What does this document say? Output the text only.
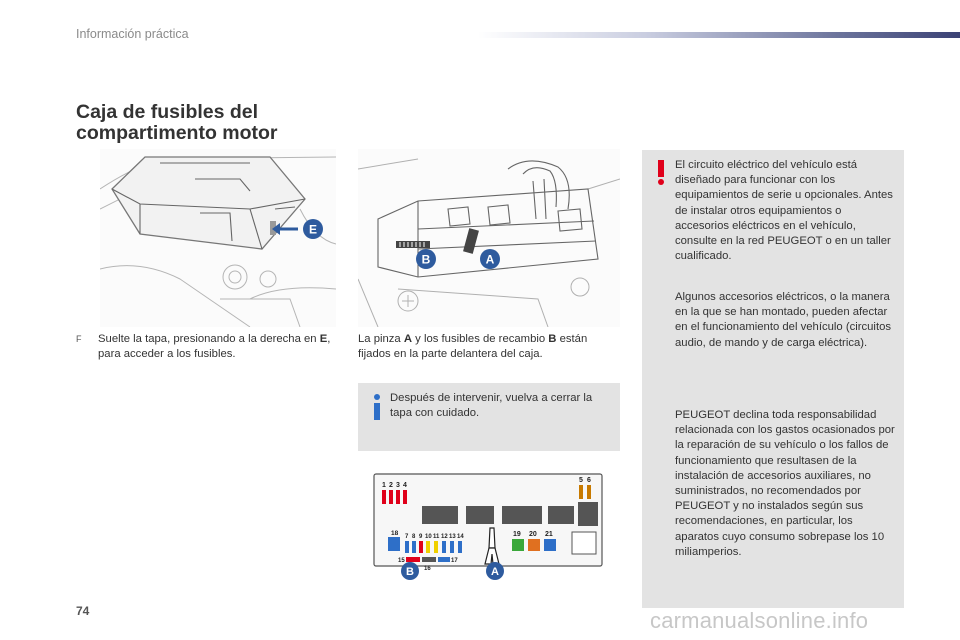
Información práctica
Caja de fusibles del
compartimento motor
E
B	A
F Suelte la tapa, presionando a la derecha en E, para acceder a los fusibles.
La pinza A y los fusibles de recambio B están fijados en la parte delantera del caja.
Después de intervenir, vuelva a cerrar la tapa con cuidado.
1 2 3 4
5 6
18 7 8 9 10 11 12 13 14
15
16
17
19 20 21
B	A

El circuito eléctrico del vehículo está diseñado para funcionar con los equipamientos de serie u opcionales. Antes de instalar otros equipamientos o accesorios eléctricos en el vehículo, consulte en la red PEUGEOT o en un taller cualificado.

Algunos accesorios eléctricos, o la manera en la que se han montado, pueden afectar en el funcionamiento del vehículo (circuitos audio, de mando y de carga eléctrica).

PEUGEOT declina toda responsabilidad relacionada con los gastos ocasionados por la reparación de su vehículo o los fallos de funcionamiento que resultasen de la instalación de accesorios auxiliares, no suministrados, no recomendados por PEUGEOT y no instalados según sus recomendaciones, en particular, los aparatos cuyo consumo sobrepase los 10 miliamperios.

74	carmanualsonline.info
